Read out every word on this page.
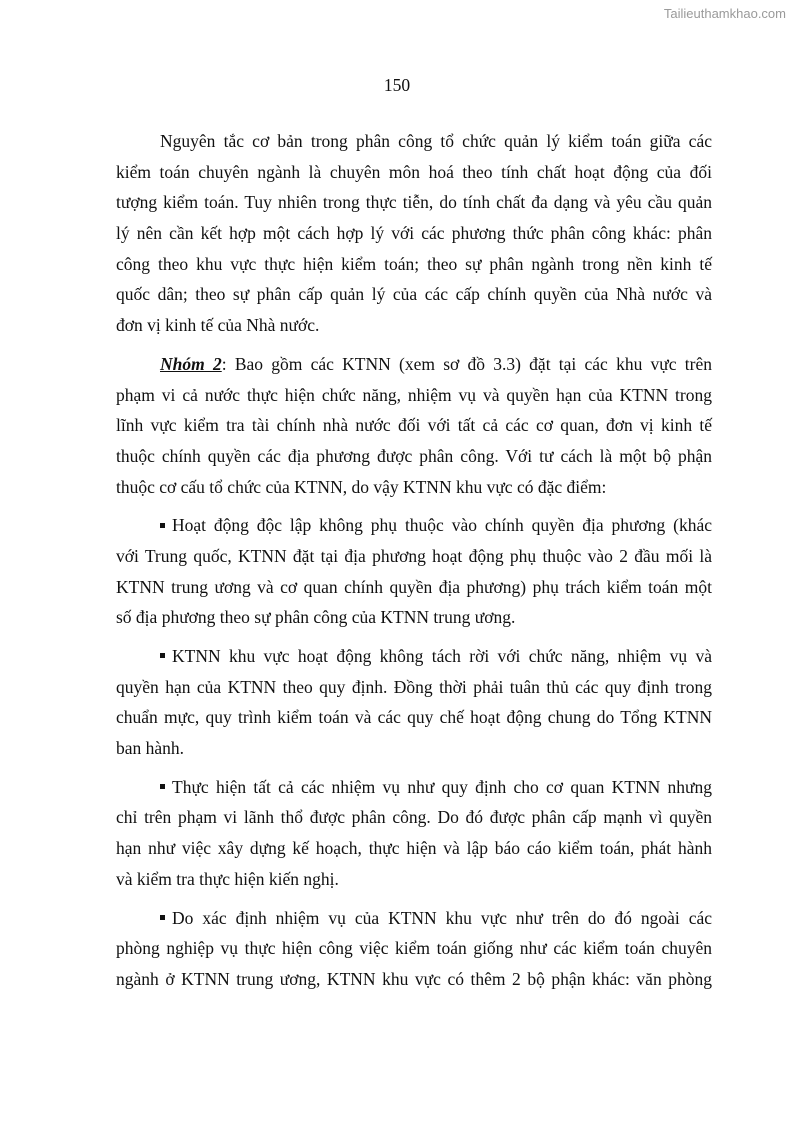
Tailieuthamkhao.com
150
Nguyên tắc cơ bản trong phân công tổ chức quản lý kiểm toán giữa các
kiểm toán chuyên ngành là chuyên môn hoá theo tính chất hoạt động của đối
tượng kiểm toán. Tuy nhiên trong thực tiễn, do tính chất đa dạng và yêu cầu quản
lý nên cần kết hợp một cách hợp lý với các phương thức phân công khác: phân
công theo khu vực thực hiện kiểm toán; theo sự phân ngành trong nền kinh tế
quốc dân; theo sự phân cấp quản lý của các cấp chính quyền của Nhà nước và
đơn vị kinh tế của Nhà nước.
Nhóm 2: Bao gồm các KTNN (xem sơ đồ 3.3) đặt tại các khu vực trên
phạm vi cả nước thực hiện chức năng, nhiệm vụ và quyền hạn của KTNN trong
lĩnh vực kiểm tra tài chính nhà nước đối với tất cả các cơ quan, đơn vị kinh tế
thuộc chính quyền các địa phương được phân công. Với tư cách là một bộ phận
thuộc cơ cấu tổ chức của KTNN, do vậy KTNN khu vực có đặc điểm:
Hoạt động độc lập không phụ thuộc vào chính quyền địa phương (khác
với Trung quốc, KTNN đặt tại địa phương hoạt động phụ thuộc vào 2 đầu mối là
KTNN trung ương và cơ quan chính quyền địa phương) phụ trách kiểm toán một
số địa phương theo sự phân công của KTNN trung ương.
KTNN khu vực hoạt động không tách rời với chức năng, nhiệm vụ và
quyền hạn của KTNN theo quy định. Đồng thời phải tuân thủ các quy định trong
chuẩn mực, quy trình kiểm toán và các quy chế hoạt động chung do Tổng KTNN
ban hành.
Thực hiện tất cả các nhiệm vụ như quy định cho cơ quan KTNN nhưng
chỉ trên phạm vi lãnh thổ được phân công. Do đó được phân cấp mạnh vì quyền
hạn như việc xây dựng kế hoạch, thực hiện và lập báo cáo kiểm toán, phát hành
và kiểm tra thực hiện kiến nghị.
Do xác định nhiệm vụ của KTNN khu vực như trên do đó ngoài các
phòng nghiệp vụ thực hiện công việc kiểm toán giống như các kiểm toán chuyên
ngành ở KTNN trung ương, KTNN khu vực có thêm 2 bộ phận khác: văn phòng
